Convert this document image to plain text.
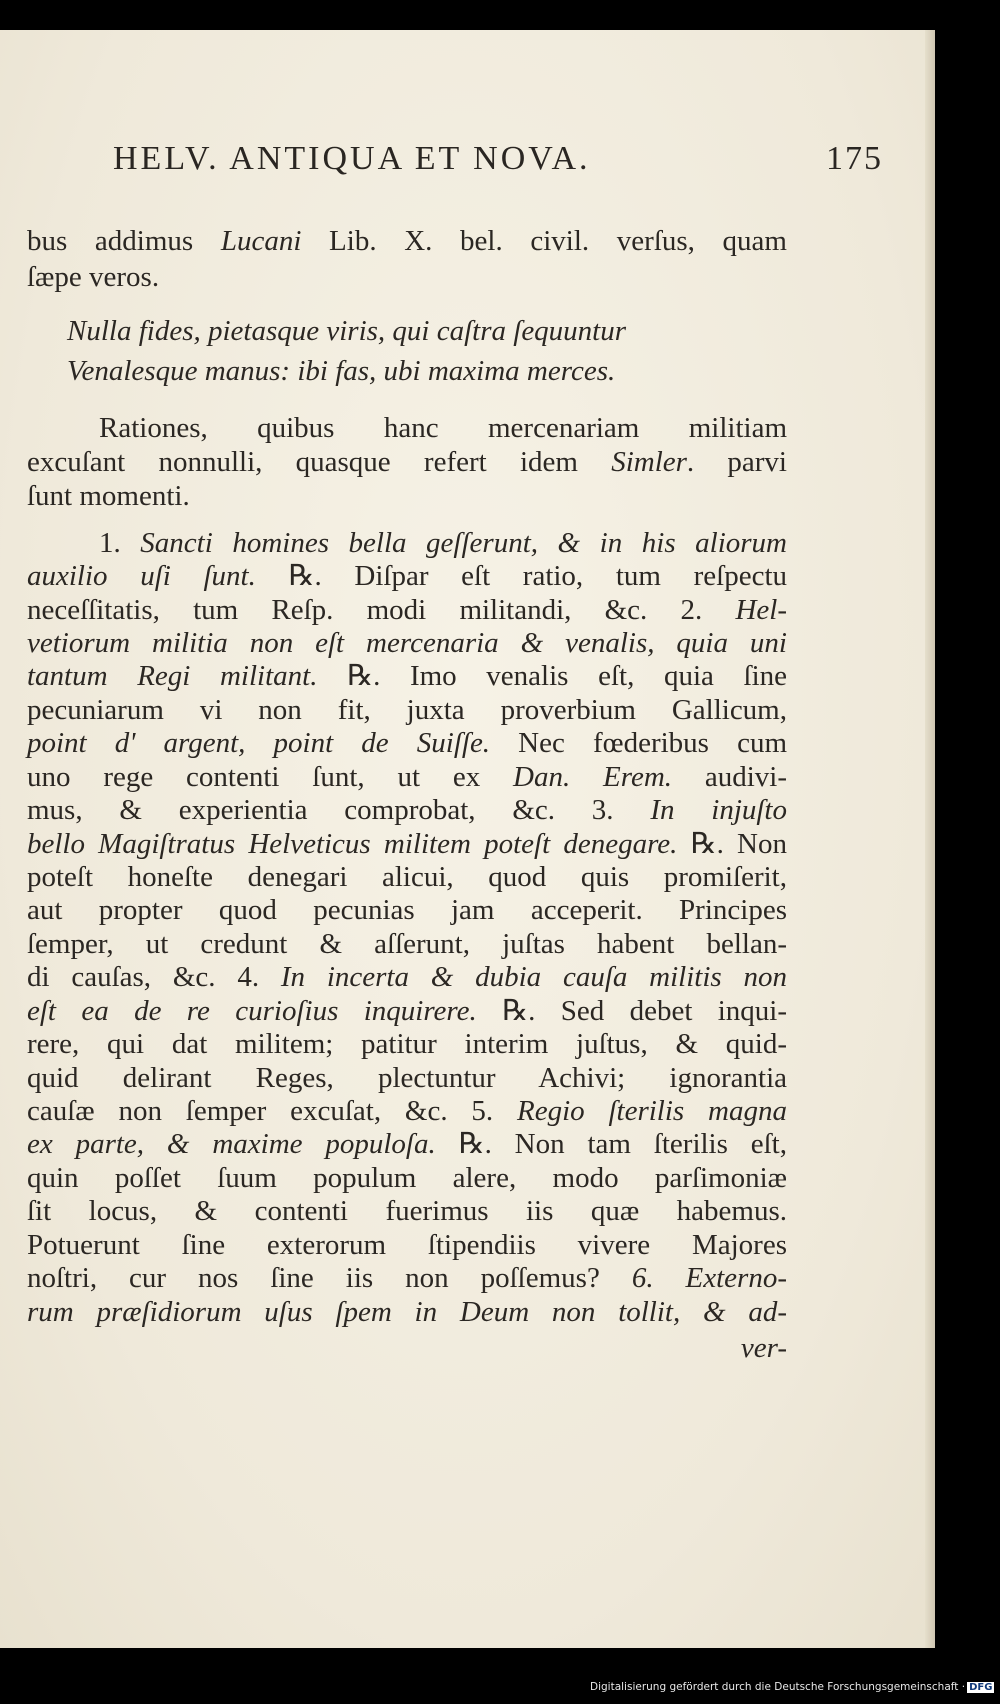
HELV. ANTIQUA ET NOVA.	175
bus addimus Lucani Lib. X. bel. civil. verſus, quam
ſæpe veros.
Nulla fides, pietasque viris, qui caſtra ſequuntur
Venalesque manus: ibi fas, ubi maxima merces.
Rationes, quibus hanc mercenariam militiam
excuſant nonnulli, quasque refert idem Simler. parvi
ſunt momenti.
1. Sancti homines bella geſſerunt, & in his aliorum
auxilio uſi ſunt. ℞. Diſpar eſt ratio, tum reſpectu
neceſſitatis, tum Reſp. modi militandi, &c. 2. Hel-
vetiorum militia non eſt mercenaria & venalis, quia uni
tantum Regi militant. ℞. Imo venalis eſt, quia ſine
pecuniarum vi non fit, juxta proverbium Gallicum,
point d' argent, point de Suiſſe. Nec fœderibus cum
uno rege contenti ſunt, ut ex Dan. Erem. audivi-
mus, & experientia comprobat, &c. 3. In injuſto
bello Magiſtratus Helveticus militem poteſt denegare. ℞. Non
poteſt honeſte denegari alicui, quod quis promiſerit,
aut propter quod pecunias jam acceperit. Principes
ſemper, ut credunt & aſſerunt, juſtas habent bellan-
di cauſas, &c. 4. In incerta & dubia cauſa militis non
eſt ea de re curioſius inquirere. ℞. Sed debet inqui-
rere, qui dat militem; patitur interim juſtus, & quid-
quid delirant Reges, plectuntur Achivi; ignorantia
cauſæ non ſemper excuſat, &c. 5. Regio ſterilis magna
ex parte, & maxime populoſa. ℞. Non tam ſterilis eſt,
quin poſſet ſuum populum alere, modo parſimoniæ
ſit locus, & contenti fuerimus iis quæ habemus.
Potuerunt ſine exterorum ſtipendiis vivere Majores
noſtri, cur nos ſine iis non poſſemus? 6. Externo-
rum præſidiorum uſus ſpem in Deum non tollit, & ad-
ver-
Digitalisierung gefördert durch die Deutsche Forschungsgemeinschaft · DFG
